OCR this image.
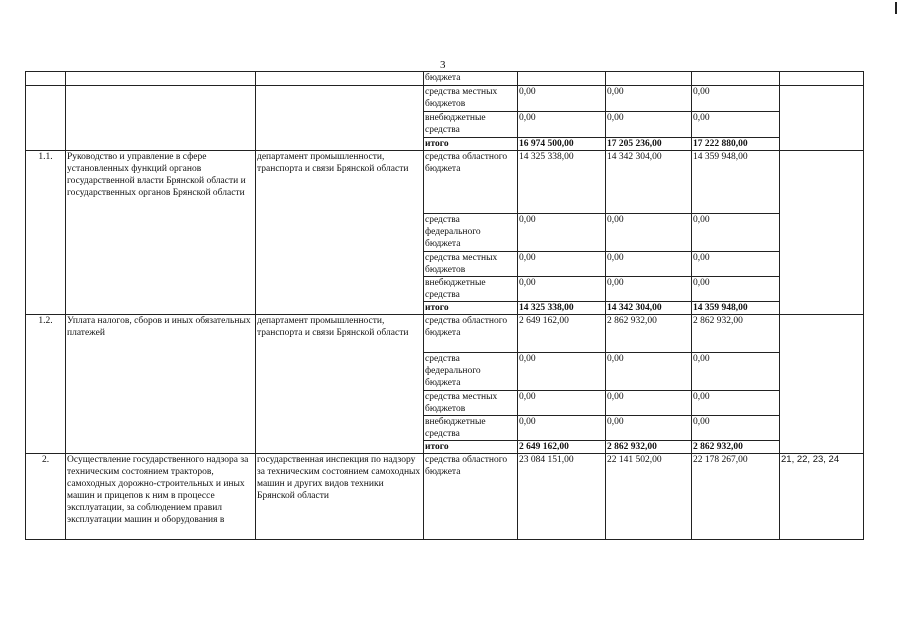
3
			бюджета				
			средства местных бюджетов	0,00	0,00	0,00	
			внебюджетные средства	0,00	0,00	0,00	
			итого	16 974 500,00	17 205 236,00	17 222 880,00	
1.1.	Руководство и управление в сфере установленных функций органов государственной власти Брянской области и государственных органов Брянской области	департамент промышленности, транспорта и связи Брянской области	средства областного бюджета	14 325 338,00	14 342 304,00	14 359 948,00	
			средства федерального бюджета	0,00	0,00	0,00	
			средства местных бюджетов	0,00	0,00	0,00	
			внебюджетные средства	0,00	0,00	0,00	
			итого	14 325 338,00	14 342 304,00	14 359 948,00	
1.2.	Уплата налогов, сборов и иных обязательных платежей	департамент промышленности, транспорта и связи Брянской области	средства областного бюджета	2 649 162,00	2 862 932,00	2 862 932,00	
			средства федерального бюджета	0,00	0,00	0,00	
			средства местных бюджетов	0,00	0,00	0,00	
			внебюджетные средства	0,00	0,00	0,00	
			итого	2 649 162,00	2 862 932,00	2 862 932,00	
2.	Осуществление государственного надзора за техническим состоянием тракторов, самоходных дорожно-строительных и иных машин и прицепов к ним в процессе эксплуатации, за соблюдением правил эксплуатации машин и оборудования в	государственная инспекция по надзору за техническим состоянием самоходных машин и других видов техники Брянской области	средства областного бюджета	23 084 151,00	22 141 502,00	22 178 267,00	21, 22, 23, 24
